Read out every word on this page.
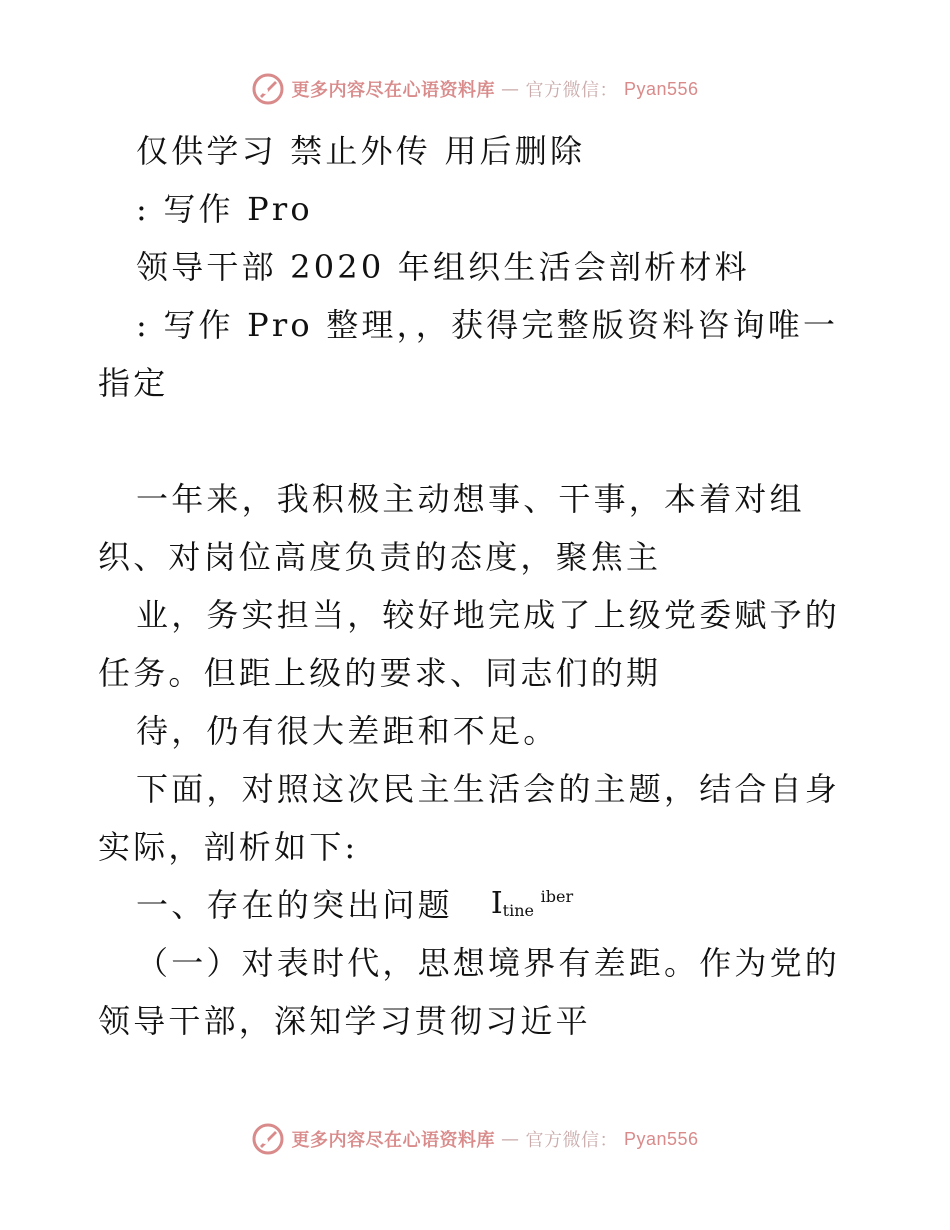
更多内容尽在心语资料库 — 官方微信： Pyan556

仅供学习 禁止外传 用后删除

: 写作 Pro

领导干部 2020 年组织生活会剖析材料

: 写作 Pro 整理，，获得完整版资料咨询唯一指定

一年来，我积极主动想事、干事，本着对组织、对岗位高度负责的态度，聚焦主

业，务实担当，较好地完成了上级党委赋予的任务。但距上级的要求、同志们的期

待，仍有很大差距和不足。

下面，对照这次民主生活会的主题，结合自身实际，剖析如下:

一、存在的突出问题 I iber
tine

（一）对表时代，思想境界有差距。作为党的领导干部，深知学习贯彻习近平

更多内容尽在心语资料库 — 官方微信： Pyan556
